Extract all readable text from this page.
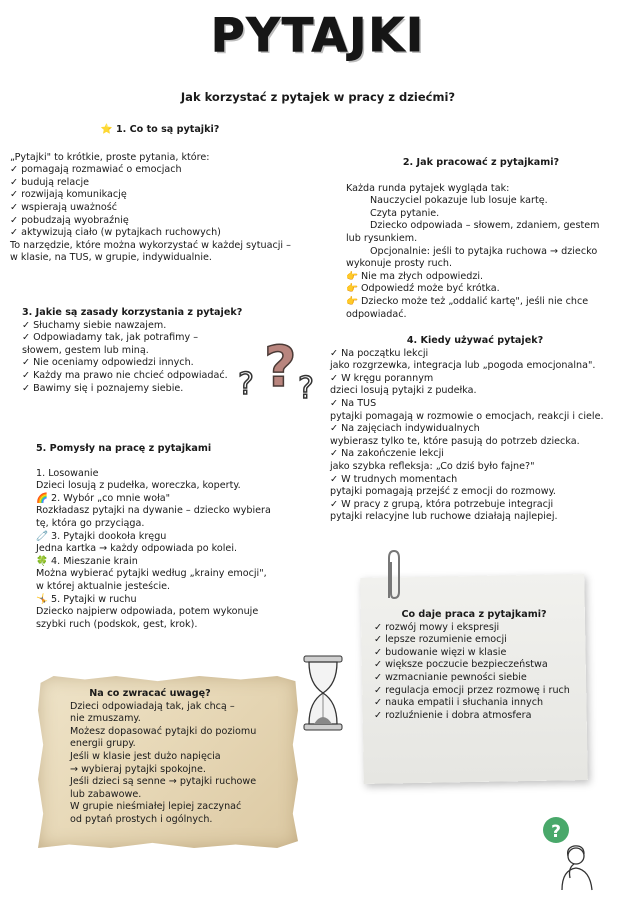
PYTAJKI
Jak korzystać z pytajek w pracy z dziećmi?
⭐ 1. Co to są pytajki?
„Pytajki" to krótkie, proste pytania, które:
✓ pomagają rozmawiać o emocjach
✓ budują relacje
✓ rozwijają komunikację
✓ wspierają uważność
✓ pobudzają wyobraźnię
✓ aktywizują ciało (w pytajkach ruchowych)
To narzędzie, które można wykorzystać w każdej sytuacji –
w klasie, na TUS, w grupie, indywidualnie.
2. Jak pracować z pytajkami?
Każda runda pytajek wygląda tak:
Nauczyciel pokazuje lub losuje kartę.
Czyta pytanie.
Dziecko odpowiada – słowem, zdaniem, gestem
lub rysunkiem.
Opcjonalnie: jeśli to pytajka ruchowa → dziecko
wykonuje prosty ruch.
👉 Nie ma złych odpowiedzi.
👉 Odpowiedź może być krótka.
👉 Dziecko może też „oddalić kartę", jeśli nie chce
odpowiadać.
3. Jakie są zasady korzystania z pytajek?
✓ Słuchamy siebie nawzajem.
✓ Odpowiadamy tak, jak potrafimy –
słowem, gestem lub miną.
✓ Nie oceniamy odpowiedzi innych.
✓ Każdy ma prawo nie chcieć odpowiadać.
✓ Bawimy się i poznajemy siebie.	?
? ?
4. Kiedy używać pytajek?
✓ Na początku lekcji
jako rozgrzewka, integracja lub „pogoda emocjonalna".
✓ W kręgu porannym
dzieci losują pytajki z pudełka.
✓ Na TUS
pytajki pomagają w rozmowie o emocjach, reakcji i ciele.
✓ Na zajęciach indywidualnych
wybierasz tylko te, które pasują do potrzeb dziecka.
✓ Na zakończenie lekcji
jako szybka refleksja: „Co dziś było fajne?"
✓ W trudnych momentach
pytajki pomagają przejść z emocji do rozmowy.
✓ W pracy z grupą, która potrzebuje integracji
pytajki relacyjne lub ruchowe działają najlepiej.
5. Pomysły na pracę z pytajkami
1. Losowanie
Dzieci losują z pudełka, woreczka, koperty.
🌈 2. Wybór „co mnie woła"
Rozkładasz pytajki na dywanie – dziecko wybiera
tę, która go przyciąga.
🧷 3. Pytajki dookoła kręgu
Jedna kartka → każdy odpowiada po kolei.
🍀 4. Mieszanie krain
Można wybierać pytajki według „krainy emocji",
w której aktualnie jesteście.
🤸 5. Pytajki w ruchu
Dziecko najpierw odpowiada, potem wykonuje
szybki ruch (podskok, gest, krok).
Co daje praca z pytajkami?
✓ rozwój mowy i ekspresji
✓ lepsze rozumienie emocji
✓ budowanie więzi w klasie
✓ większe poczucie bezpieczeństwa
✓ wzmacnianie pewności siebie
✓ regulacja emocji przez rozmowę i ruch
✓ nauka empatii i słuchania innych
✓ rozluźnienie i dobra atmosfera
Na co zwracać uwagę?
Dzieci odpowiadają tak, jak chcą –
nie zmuszamy.
Możesz dopasować pytajki do poziomu
energii grupy.
Jeśli w klasie jest dużo napięcia
→ wybieraj pytajki spokojne.
Jeśli dzieci są senne → pytajki ruchowe
lub zabawowe.
W grupie nieśmiałej lepiej zaczynać
od pytań prostych i ogólnych.
?
